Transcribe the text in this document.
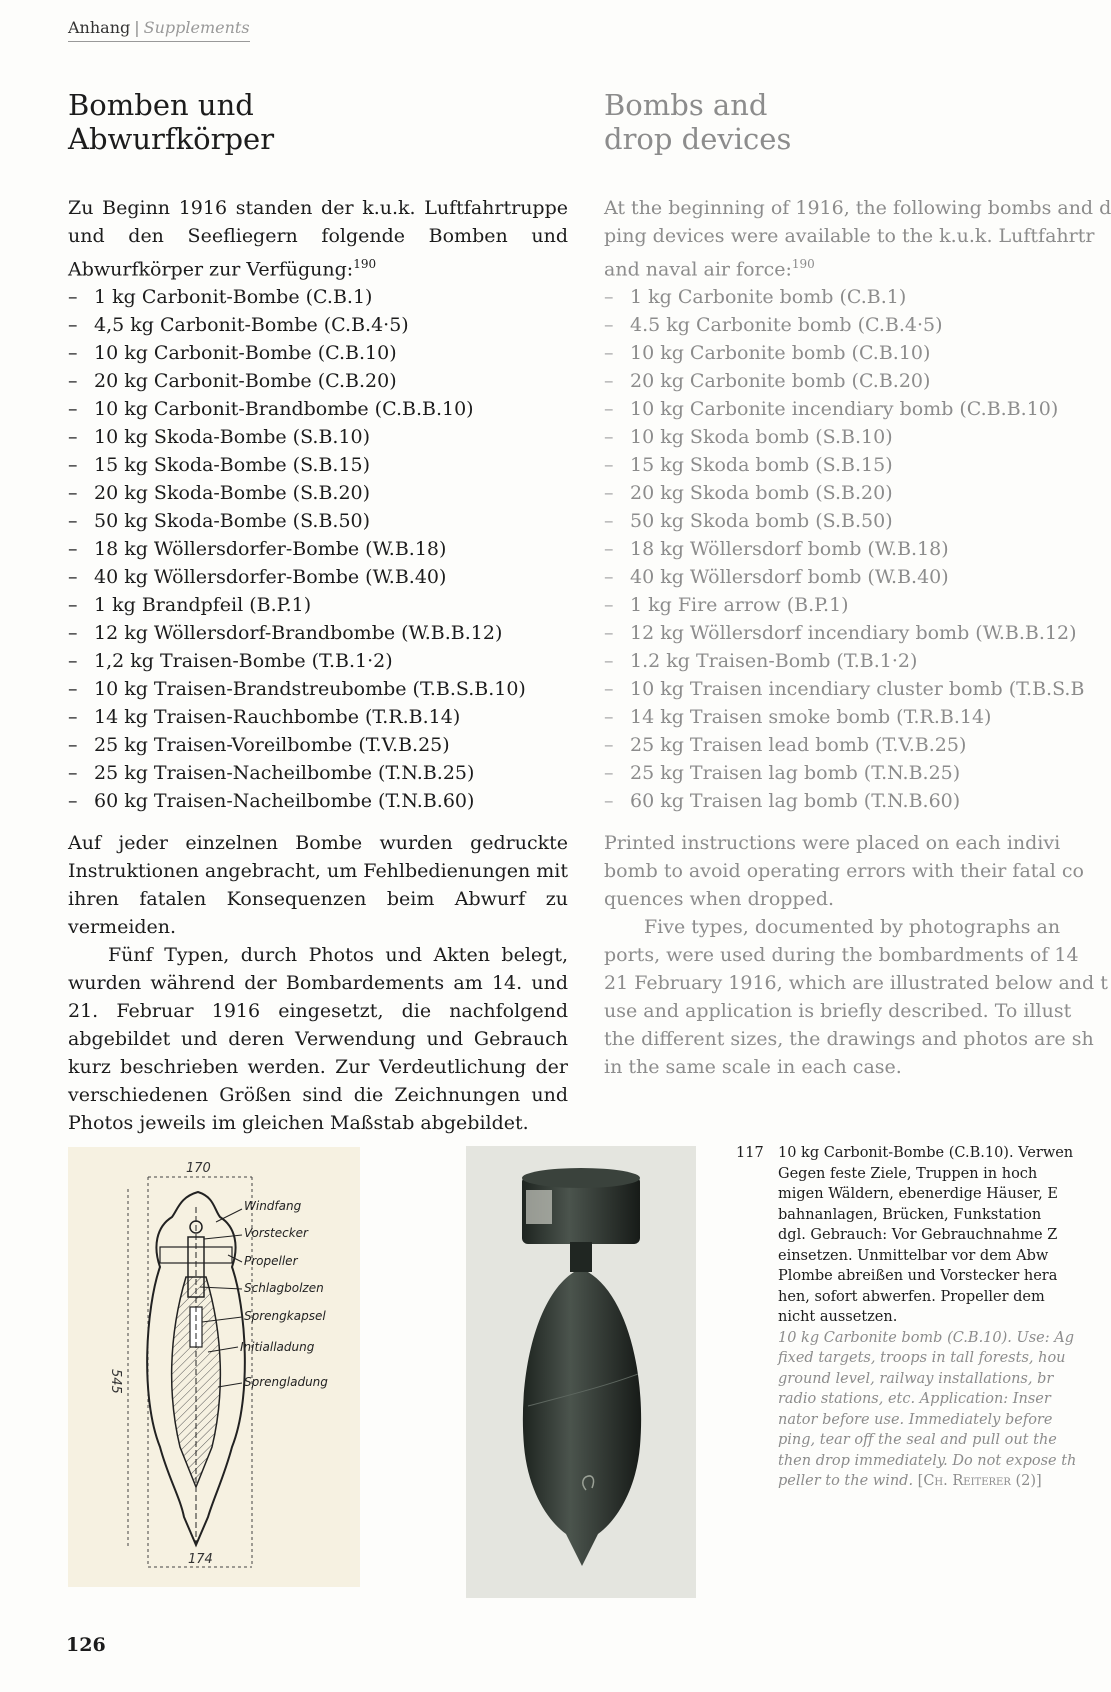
Anhang | Supplements
Bomben und
Abwurfkörper

Zu Beginn 1916 standen der k.u.k. Luftfahrtruppe und den Seefliegern folgende Bomben und Abwurfkörper zur Verfügung:$^{190}$

– 1 kg Carbonit-Bombe (C.B.1)
– 4,5 kg Carbonit-Bombe (C.B.4·5)
– 10 kg Carbonit-Bombe (C.B.10)
– 20 kg Carbonit-Bombe (C.B.20)
– 10 kg Carbonit-Brandbombe (C.B.B.10)
– 10 kg Skoda-Bombe (S.B.10)
– 15 kg Skoda-Bombe (S.B.15)
– 20 kg Skoda-Bombe (S.B.20)
– 50 kg Skoda-Bombe (S.B.50)
– 18 kg Wöllersdorfer-Bombe (W.B.18)
– 40 kg Wöllersdorfer-Bombe (W.B.40)
– 1 kg Brandpfeil (B.P.1)
– 12 kg Wöllersdorf-Brandbombe (W.B.B.12)
– 1,2 kg Traisen-Bombe (T.B.1·2)
– 10 kg Traisen-Brandstreubombe (T.B.S.B.10)
– 14 kg Traisen-Rauchbombe (T.R.B.14)
– 25 kg Traisen-Voreilbombe (T.V.B.25)
– 25 kg Traisen-Nacheilbombe (T.N.B.25)
– 60 kg Traisen-Nacheilbombe (T.N.B.60)

Auf jeder einzelnen Bombe wurden gedruckte Instruktionen angebracht, um Fehlbedienungen mit ihren fatalen Konsequenzen beim Abwurf zu vermeiden.

Fünf Typen, durch Photos und Akten belegt, wurden während der Bombardements am 14. und 21. Februar 1916 eingesetzt, die nachfolgend abgebildet und deren Verwendung und Gebrauch kurz beschrieben werden. Zur Verdeutlichung der verschiedenen Größen sind die Zeichnungen und Photos jeweils im gleichen Maßstab abgebildet.

Bombs and
drop devices
At the beginning of 1916, the following bombs and d
ping devices were available to the k.u.k. Luftfahrtr
and naval air force:$^{190}$
– 1 kg Carbonite bomb (C.B.1)
– 4.5 kg Carbonite bomb (C.B.4·5)
– 10 kg Carbonite bomb (C.B.10)
– 20 kg Carbonite bomb (C.B.20)
– 10 kg Carbonite incendiary bomb (C.B.B.10)
– 10 kg Skoda bomb (S.B.10)
– 15 kg Skoda bomb (S.B.15)
– 20 kg Skoda bomb (S.B.20)
– 50 kg Skoda bomb (S.B.50)
– 18 kg Wöllersdorf bomb (W.B.18)
– 40 kg Wöllersdorf bomb (W.B.40)
– 1 kg Fire arrow (B.P.1)
– 12 kg Wöllersdorf incendiary bomb (W.B.B.12)
– 1.2 kg Traisen-Bomb (T.B.1·2)
– 10 kg Traisen incendiary cluster bomb (T.B.S.B
– 14 kg Traisen smoke bomb (T.R.B.14)
– 25 kg Traisen lead bomb (T.V.B.25)
– 25 kg Traisen lag bomb (T.N.B.25)
– 60 kg Traisen lag bomb (T.N.B.60)
Printed instructions were placed on each indivi
bomb to avoid operating errors with their fatal co
quences when dropped.
Five types, documented by photographs an
ports, were used during the bombardments of 14
21 February 1916, which are illustrated below and t
use and application is briefly described. To illust
the different sizes, the drawings and photos are sh
in the same scale in each case.
170
174
545
Windfang
Vorstecker
Propeller
Schlagbolzen
Sprengkapsel
Initialladung
Sprengladung
117 10 kg Carbonit-Bombe (C.B.10). Verwen
Gegen feste Ziele, Truppen in hoch
migen Wäldern, ebenerdige Häuser, E
bahnanlagen, Brücken, Funkstation
dgl. Gebrauch: Vor Gebrauchnahme Z
einsetzen. Unmittelbar vor dem Abw
Plombe abreißen und Vorstecker hera
hen, sofort abwerfen. Propeller dem
nicht aussetzen.
10 kg Carbonite bomb (C.B.10). Use: Ag
fixed targets, troops in tall forests, hou
ground level, railway installations, br
radio stations, etc. Application: Inser
nator before use. Immediately before
ping, tear off the seal and pull out the
then drop immediately. Do not expose th
peller to the wind. [Ch. Reiterer (2)]
126
